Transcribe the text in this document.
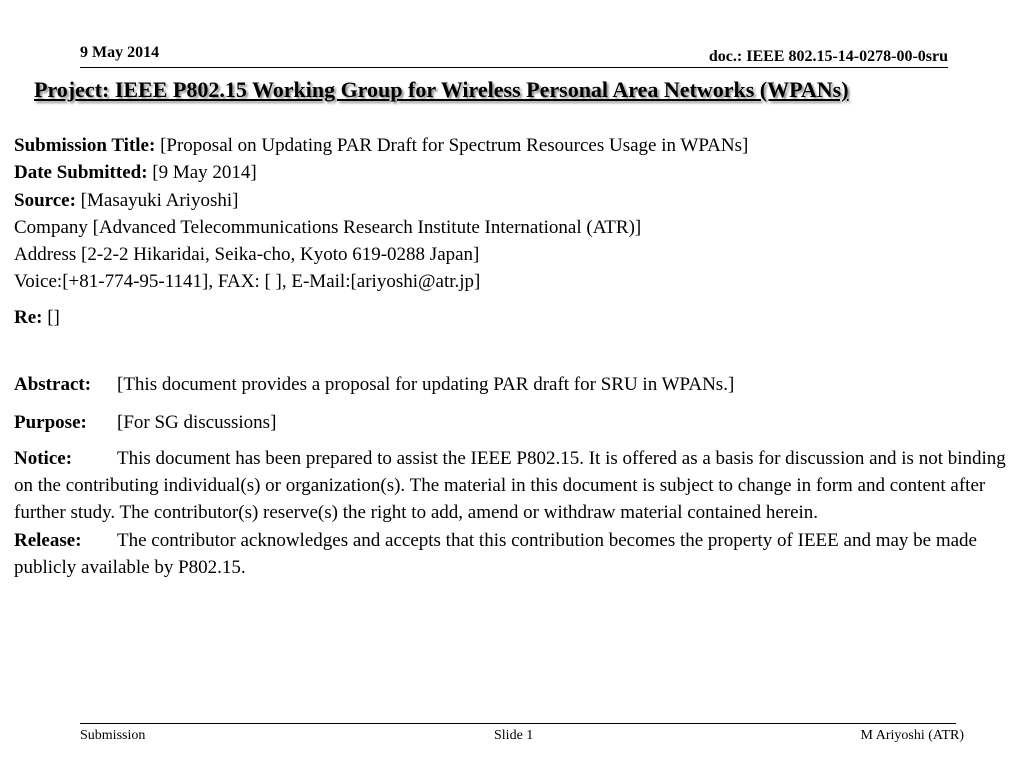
9 May 2014	doc.: IEEE 802.15-14-0278-00-0sru
Project: IEEE P802.15 Working Group for Wireless Personal Area Networks (WPANs)
Submission Title: [Proposal on Updating PAR Draft for Spectrum Resources Usage in WPANs]
Date Submitted: [9 May 2014]
Source: [Masayuki Ariyoshi]
Company [Advanced Telecommunications Research Institute International (ATR)]
Address [2-2-2 Hikaridai, Seika-cho, Kyoto 619-0288 Japan]
Voice:[+81-774-95-1141], FAX: [ ], E-Mail:[ariyoshi@atr.jp]
Re: []
Abstract:	[This document provides a proposal for updating PAR draft for SRU in WPANs.]
Purpose:	[For SG discussions]
Notice: This document has been prepared to assist the IEEE P802.15. It is offered as a basis for discussion and is not binding on the contributing individual(s) or organization(s). The material in this document is subject to change in form and content after further study. The contributor(s) reserve(s) the right to add, amend or withdraw material contained herein.
Release: The contributor acknowledges and accepts that this contribution becomes the property of IEEE and may be made publicly available by P802.15.
Submission	Slide 1	M Ariyoshi (ATR)
